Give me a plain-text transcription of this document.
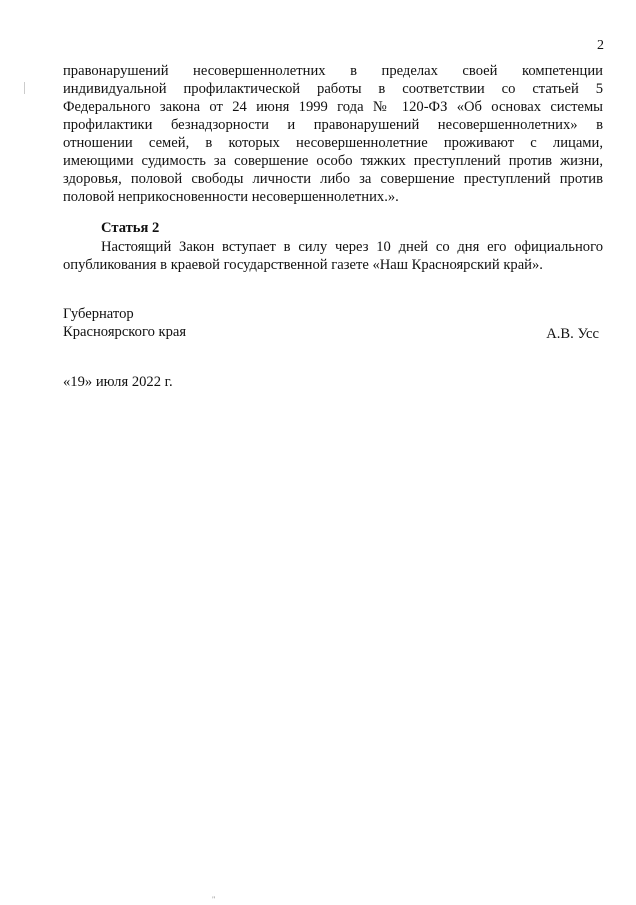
2
правонарушений несовершеннолетних в пределах своей компетенции
индивидуальной профилактической работы в соответствии со статьей 5
Федерального закона от 24 июня 1999 года № 120-ФЗ «Об основах системы
профилактики безнадзорности и правонарушений несовершеннолетних» в
отношении семей, в которых несовершеннолетние проживают с лицами,
имеющими судимость за совершение особо тяжких преступлений против жизни,
здоровья, половой свободы личности либо за совершение преступлений против
половой неприкосновенности несовершеннолетних.».
Статья 2
Настоящий Закон вступает в силу через 10 дней со дня его официального
опубликования в краевой государственной газете «Наш Красноярский край».
Губернатор
Красноярского края	А.В. Усс
«19» июля 2022 г.
"
